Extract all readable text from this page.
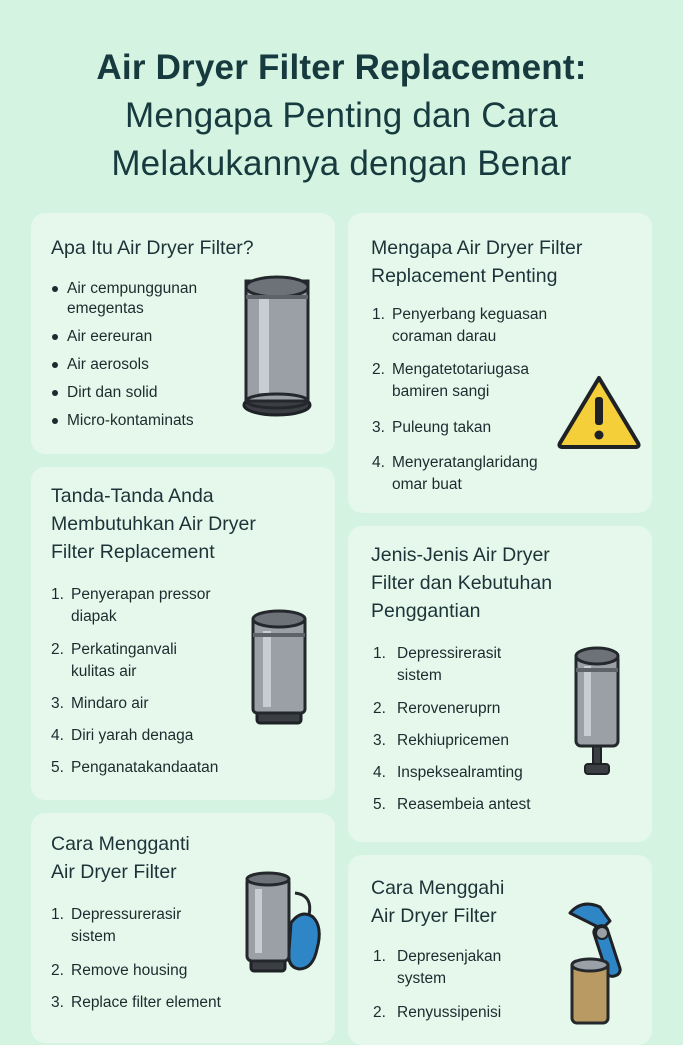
Air Dryer Filter Replacement:
Mengapa Penting dan Cara
Melakukannya dengan Benar
Apa Itu Air Dryer Filter?
Air cempunggunan emegentas
Air eereuran
Air aerosols
Dirt dan solid
Micro-kontaminats
Mengapa Air Dryer Filter
Replacement Penting
1. Penyerbang keguasan
coraman darau
2. Mengatetotariugasa
bamiren sangi
3. Puleung takan
4. Menyeratanglaridang
omar buat
Tanda-Tanda Anda
Membutuhkan Air Dryer
Filter Replacement
1. Penyerapan pressor
diapak
2. Perkatinganvali
kulitas air
3. Mindaro air
4. Diri yarah denaga
5. Penganatakandaatan
Jenis-Jenis Air Dryer
Filter dan Kebutuhan
Penggantian
1. Depressirerasit
sistem
2. Reroveneruprn
3. Rekhiupricemen
4. Inspeksealramting
5. Reasembeia antest
Cara Mengganti
Air Dryer Filter
1. Depressurerasir
sistem
2. Remove housing
3. Replace filter element
Cara Menggahi
Air Dryer Filter
1. Depresenjakan
system
2. Renyussipenisi
